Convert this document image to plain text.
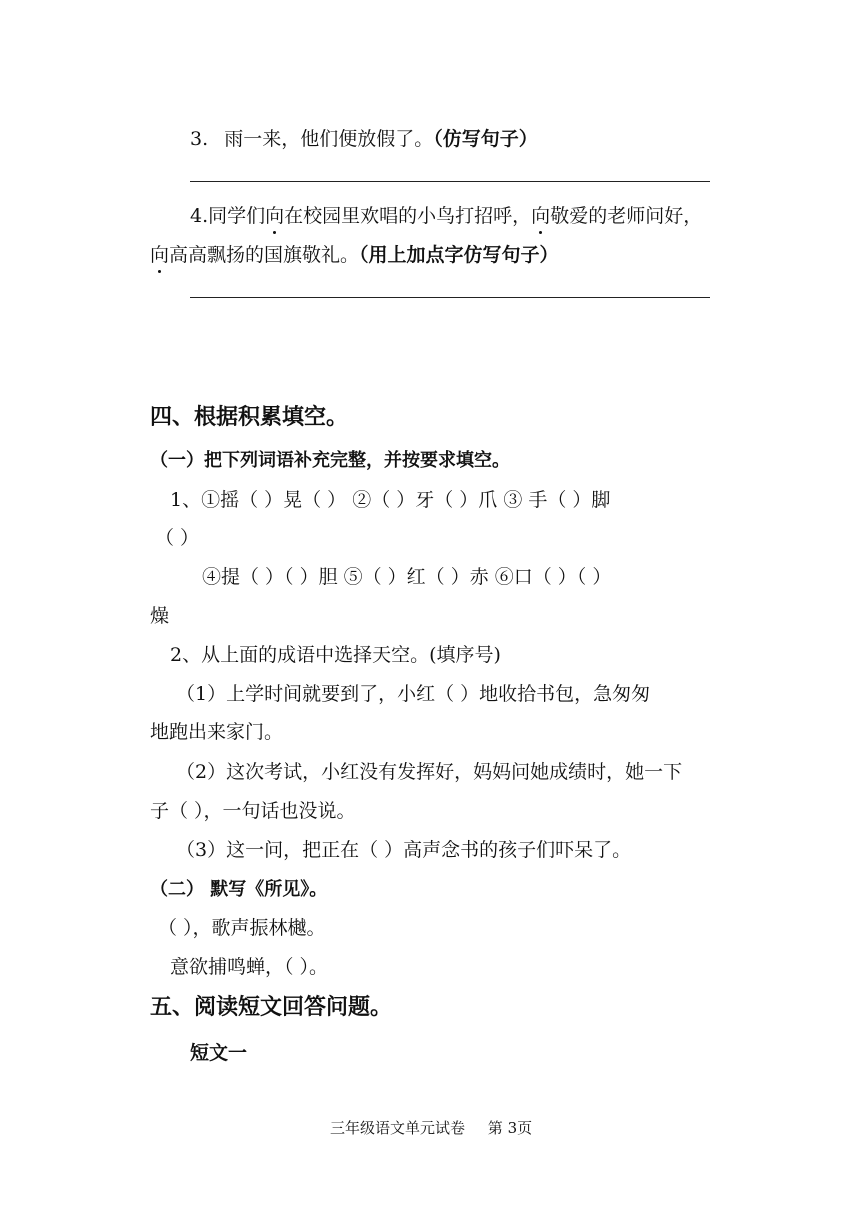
3. 雨一来，他们便放假了。（仿写句子）
4.同学们向在校园里欢唱的小鸟打招呼，向敬爱的老师问好，
向高高飘扬的国旗敬礼。（用上加点字仿写句子）
四、根据积累填空。
（一）把下列词语补充完整，并按要求填空。
1、①摇（ ）晃（ ） ②（ ）牙（ ）爪 ③ 手（ ）脚
（ ）
④提（ ）（ ）胆 ⑤（ ）红（ ）赤 ⑥口（ ）（ ）
燥
2、从上面的成语中选择天空。(填序号)
（1）上学时间就要到了，小红（ ）地收拾书包，急匆匆
地跑出来家门。
（2）这次考试，小红没有发挥好，妈妈问她成绩时，她一下
子（ ），一句话也没说。
（3）这一问，把正在（ ）高声念书的孩子们吓呆了。
（二） 默写《所见》。
（ ），歌声振林樾。
意欲捕鸣蝉，（ ）。
五、阅读短文回答问题。
短文一
三年级语文单元试卷 第 3页
